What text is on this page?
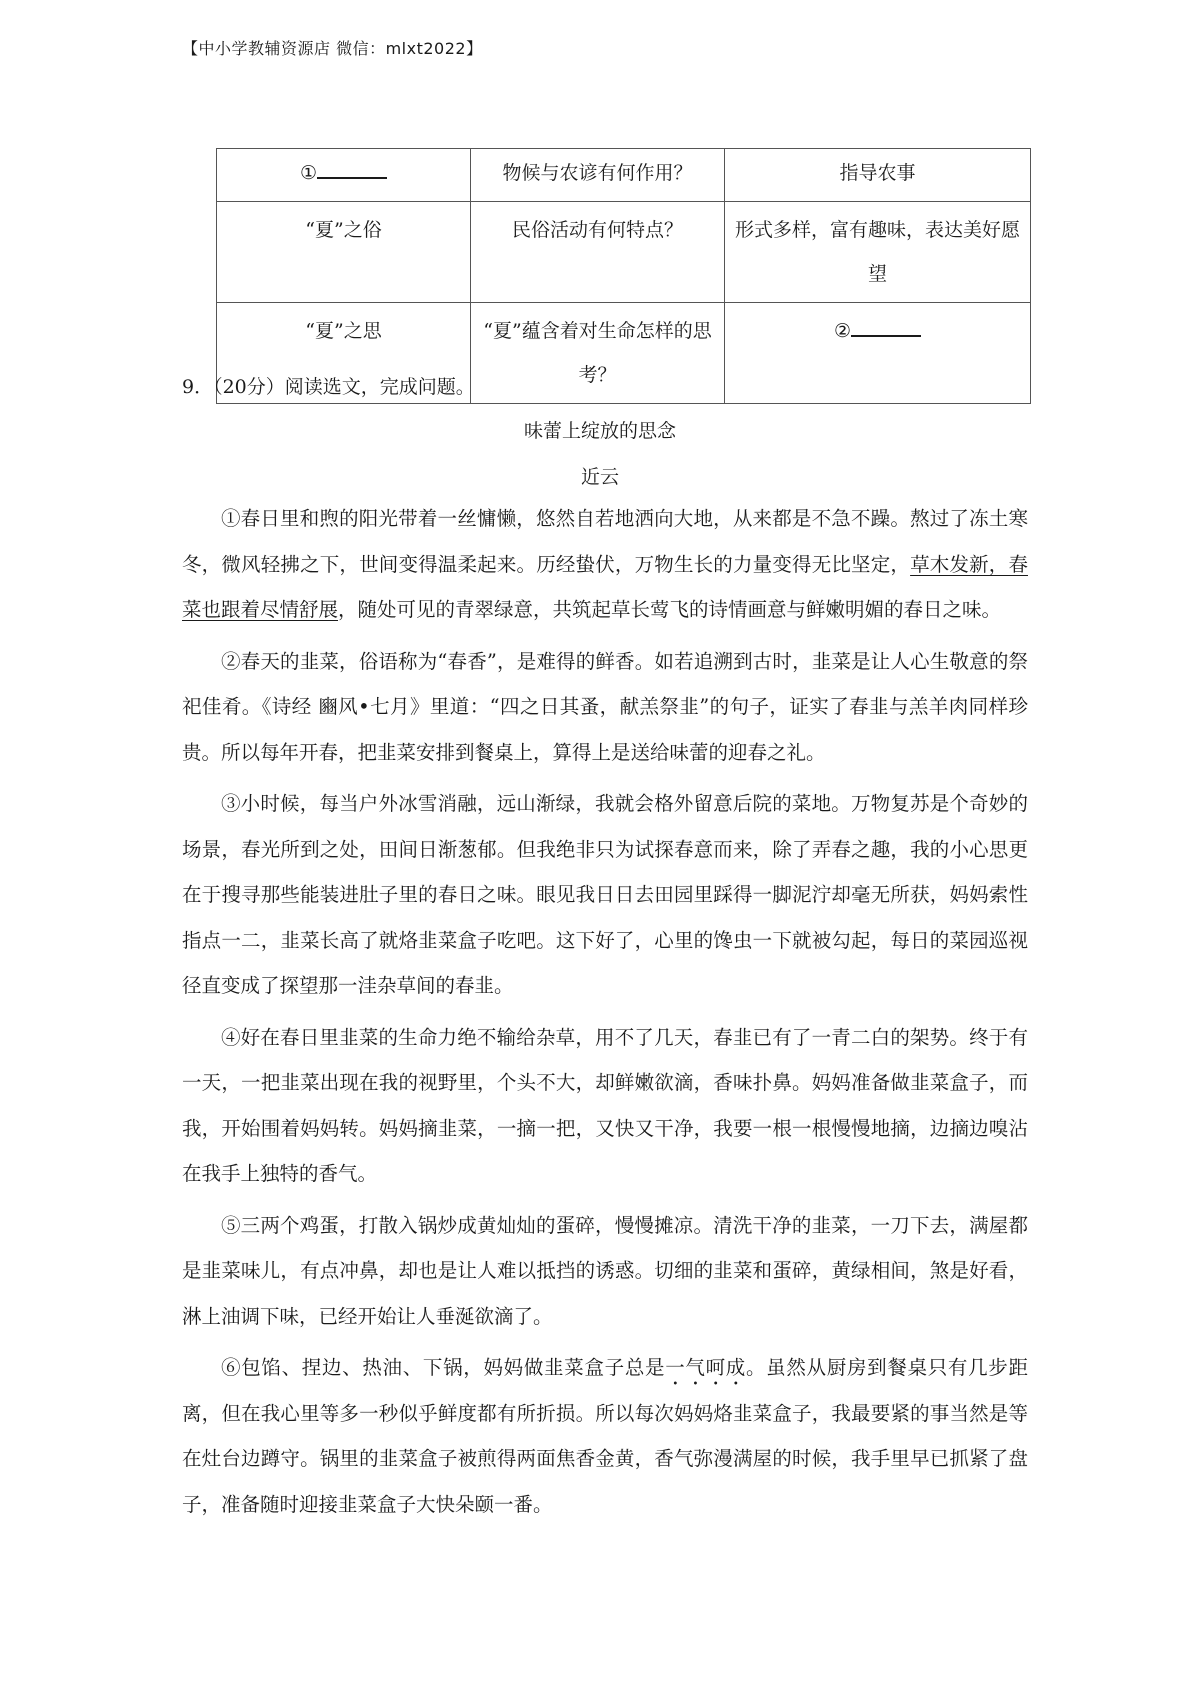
【中小学教辅资源店 微信：mlxt2022】
①	物候与农谚有何作用？	指导农事
“夏”之俗	民俗活动有何特点？	形式多样，富有趣味，表达美好愿望
“夏”之思	“夏”蕴含着对生命怎样的思考？	②
9．（20分）阅读选文，完成问题。
味蕾上绽放的思念
近云

①春日里和煦的阳光带着一丝慵懒，悠然自若地洒向大地，从来都是不急不躁。熬过了冻土寒冬，微风轻拂之下，世间变得温柔起来。历经蛰伏，万物生长的力量变得无比坚定，草木发新，春菜也跟着尽情舒展，随处可见的青翠绿意，共筑起草长莺飞的诗情画意与鲜嫩明媚的春日之味。

②春天的韭菜，俗语称为“春香”，是难得的鲜香。如若追溯到古时，韭菜是让人心生敬意的祭祀佳肴。《诗经 豳风•七月》里道：“四之日其蚤，献羔祭韭”的句子，证实了春韭与羔羊肉同样珍贵。所以每年开春，把韭菜安排到餐桌上，算得上是送给味蕾的迎春之礼。

③小时候，每当户外冰雪消融，远山渐绿，我就会格外留意后院的菜地。万物复苏是个奇妙的场景，春光所到之处，田间日渐葱郁。但我绝非只为试探春意而来，除了弄春之趣，我的小心思更在于搜寻那些能装进肚子里的春日之味。眼见我日日去田园里踩得一脚泥泞却毫无所获，妈妈索性指点一二，韭菜长高了就烙韭菜盒子吃吧。这下好了，心里的馋虫一下就被勾起，每日的菜园巡视径直变成了探望那一洼杂草间的春韭。

④好在春日里韭菜的生命力绝不输给杂草，用不了几天，春韭已有了一青二白的架势。终于有一天，一把韭菜出现在我的视野里，个头不大，却鲜嫩欲滴，香味扑鼻。妈妈准备做韭菜盒子，而我，开始围着妈妈转。妈妈摘韭菜，一摘一把，又快又干净，我要一根一根慢慢地摘，边摘边嗅沾在我手上独特的香气。

⑤三两个鸡蛋，打散入锅炒成黄灿灿的蛋碎，慢慢摊凉。清洗干净的韭菜，一刀下去，满屋都是韭菜味儿，有点冲鼻，却也是让人难以抵挡的诱惑。切细的韭菜和蛋碎，黄绿相间，煞是好看，淋上油调下味，已经开始让人垂涎欲滴了。

⑥包馅、捏边、热油、下锅，妈妈做韭菜盒子总是一气呵成。虽然从厨房到餐桌只有几步距离，但在我心里等多一秒似乎鲜度都有所折损。所以每次妈妈烙韭菜盒子，我最要紧的事当然是等在灶台边蹲守。锅里的韭菜盒子被煎得两面焦香金黄，香气弥漫满屋的时候，我手里早已抓紧了盘子，准备随时迎接韭菜盒子大快朵颐一番。
